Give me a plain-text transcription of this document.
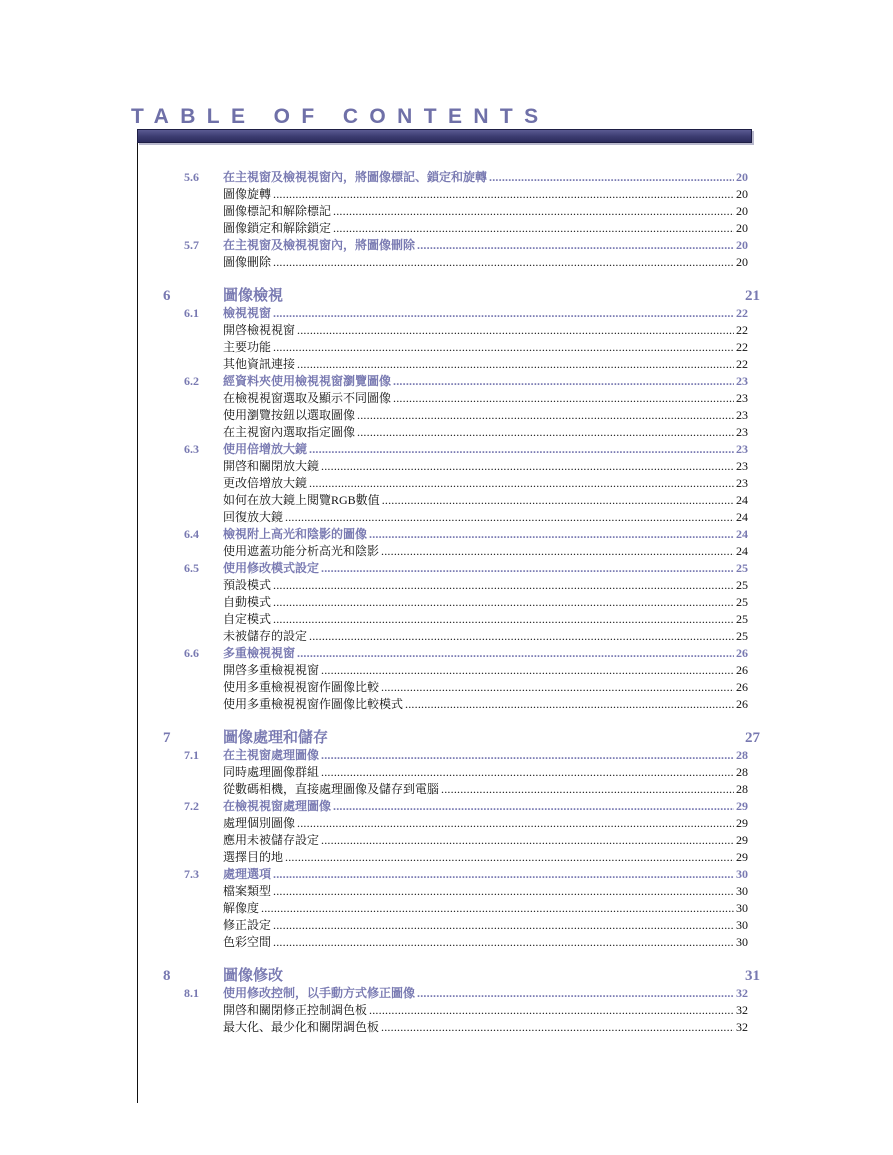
TABLE OF CONTENTS
5.6	在主視窗及檢視視窗內，將圖像標記、鎖定和旋轉 .....	20
圖像旋轉 .....	20
圖像標記和解除標記 .....	20
圖像鎖定和解除鎖定 .....	20
5.7	在主視窗及檢視視窗內，將圖像刪除 .....	20
圖像刪除 .....	20
6	圖像檢視	21
6.1	檢視視窗 .....	22
開啓檢視視窗 .....	22
主要功能 .....	22
其他資訊連接 .....	22
6.2	經資料夾使用檢視視窗瀏覽圖像 .....	23
在檢視視窗選取及顯示不同圖像 .....	23
使用瀏覽按鈕以選取圖像 .....	23
在主視窗內選取指定圖像 .....	23
6.3	使用倍增放大鏡 .....	23
開啓和關閉放大鏡 .....	23
更改倍增放大鏡 .....	23
如何在放大鏡上閱覽RGB數值 .....	24
回復放大鏡 .....	24
6.4	檢視附上高光和陰影的圖像 .....	24
使用遮蓋功能分析高光和陰影 .....	24
6.5	使用修改模式設定 .....	25
預設模式 .....	25
自動模式 .....	25
自定模式 .....	25
未被儲存的設定 .....	25
6.6	多重檢視視窗 .....	26
開啓多重檢視視窗 .....	26
使用多重檢視視窗作圖像比較 .....	26
使用多重檢視視窗作圖像比較模式 .....	26
7	圖像處理和儲存	27
7.1	在主視窗處理圖像 .....	28
同時處理圖像群組 .....	28
從數碼相機，直接處理圖像及儲存到電腦 .....	28
7.2	在檢視視窗處理圖像 .....	29
處理個別圖像 .....	29
應用未被儲存設定 .....	29
選擇目的地 .....	29
7.3	處理選項 .....	30
檔案類型 .....	30
解像度 .....	30
修正設定 .....	30
色彩空間 .....	30
8	圖像修改	31
8.1	使用修改控制，以手動方式修正圖像 .....	32
開啓和關閉修正控制調色板 .....	32
最大化、最少化和關閉調色板 .....	32
